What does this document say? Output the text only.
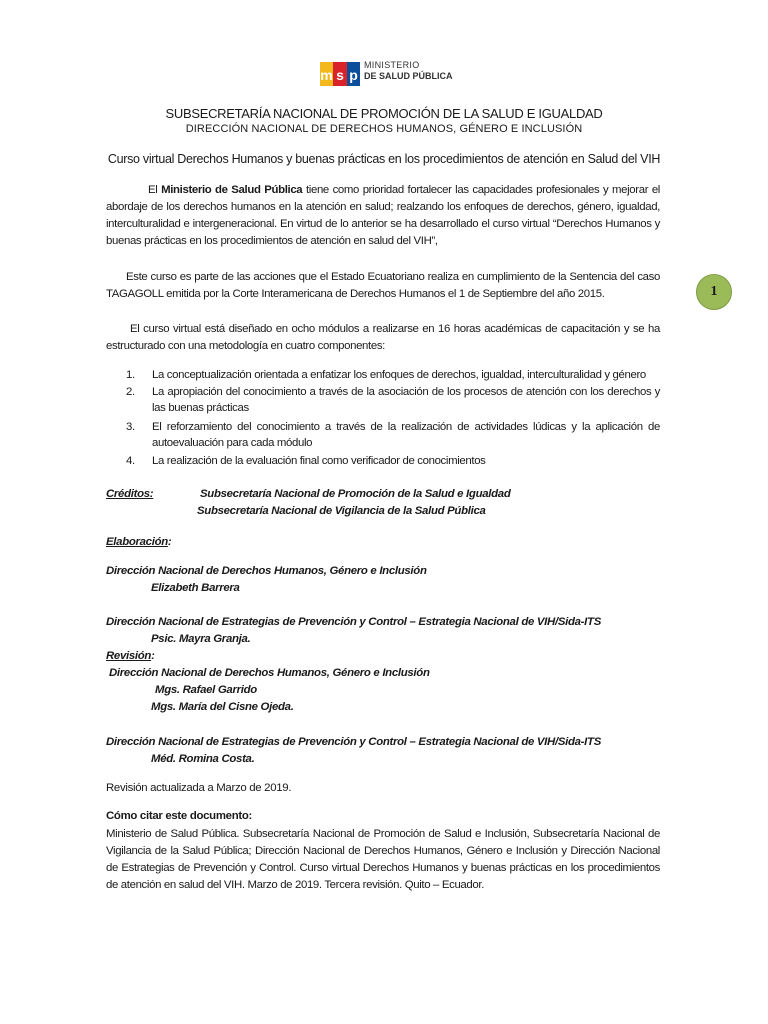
m s p
MINISTERIO
DE SALUD PÚBLICA
SUBSECRETARÍA NACIONAL DE PROMOCIÓN DE LA SALUD E IGUALDAD
DIRECCIÓN NACIONAL DE DERECHOS HUMANOS, GÉNERO E INCLUSIÓN
Curso virtual Derechos Humanos y buenas prácticas en los procedimientos de atención en Salud del VIH
El Ministerio de Salud Pública tiene como prioridad fortalecer las capacidades profesionales y mejorar el abordaje de los derechos humanos en la atención en salud; realzando los enfoques de derechos, género, igualdad, interculturalidad e intergeneracional. En virtud de lo anterior se ha desarrollado el curso virtual “Derechos Humanos y buenas prácticas en los procedimientos de atención en salud del VIH”,
Este curso es parte de las acciones que el Estado Ecuatoriano realiza en cumplimiento de la Sentencia del caso TAGAGOLL emitida por la Corte Interamericana de Derechos Humanos el 1 de Septiembre del año 2015.
El curso virtual está diseñado en ocho módulos a realizarse en 16 horas académicas de capacitación y se ha estructurado con una metodología en cuatro componentes:
1. La conceptualización orientada a enfatizar los enfoques de derechos, igualdad, interculturalidad y género
2. La apropiación del conocimiento a través de la asociación de los procesos de atención con los derechos y las buenas prácticas
3. El reforzamiento del conocimiento a través de la realización de actividades lúdicas y la aplicación de autoevaluación para cada módulo
4. La realización de la evaluación final como verificador de conocimientos
Créditos:	Subsecretaría Nacional de Promoción de la Salud e Igualdad
Subsecretaría Nacional de Vigilancia de la Salud Pública
Elaboración:
Dirección Nacional de Derechos Humanos, Género e Inclusión
Elizabeth Barrera
Dirección Nacional de Estrategias de Prevención y Control – Estrategia Nacional de VIH/Sida-ITS
Psic. Mayra Granja.
Revisión:
Dirección Nacional de Derechos Humanos, Género e Inclusión
Mgs. Rafael Garrido
Mgs. María del Cisne Ojeda.
Dirección Nacional de Estrategias de Prevención y Control – Estrategia Nacional de VIH/Sida-ITS
Méd. Romina Costa.
Revisión actualizada a Marzo de 2019.
Cómo citar este documento:
Ministerio de Salud Pública. Subsecretaría Nacional de Promoción de Salud e Inclusión, Subsecretaría Nacional de Vigilancia de la Salud Pública; Dirección Nacional de Derechos Humanos, Género e Inclusión y Dirección Nacional de Estrategias de Prevención y Control. Curso virtual Derechos Humanos y buenas prácticas en los procedimientos de atención en salud del VIH. Marzo de 2019. Tercera revisión. Quito – Ecuador.
1
